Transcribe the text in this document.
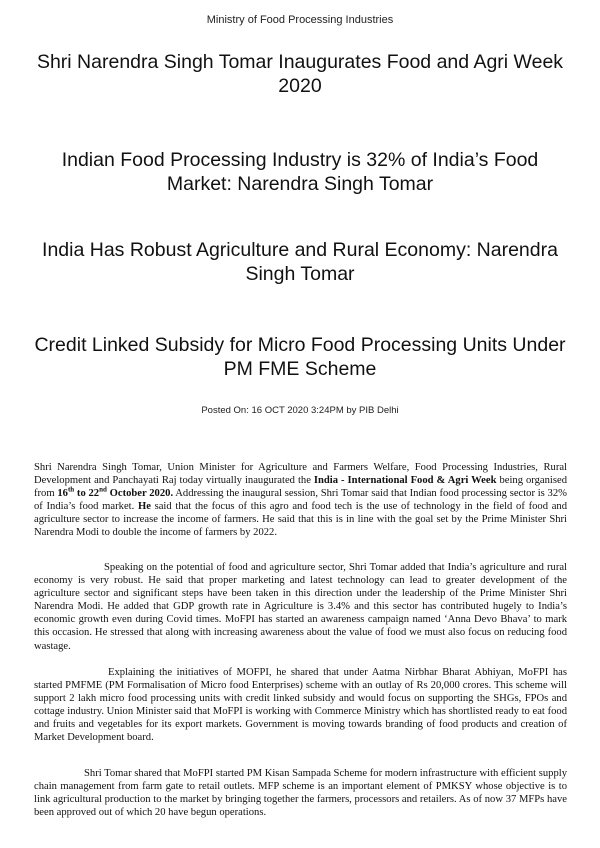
Ministry of Food Processing Industries
Shri Narendra Singh Tomar Inaugurates Food and Agri Week 2020
Indian Food Processing Industry is 32% of India’s Food Market: Narendra Singh Tomar
India Has Robust Agriculture and Rural Economy: Narendra Singh Tomar
Credit Linked Subsidy for Micro Food Processing Units Under PM FME Scheme
Posted On: 16 OCT 2020 3:24PM by PIB Delhi

Shri Narendra Singh Tomar, Union Minister for Agriculture and Farmers Welfare, Food Processing Industries, Rural Development and Panchayati Raj today virtually inaugurated the India - International Food & Agri Week being organised from 16th to 22nd October 2020. Addressing the inaugural session, Shri Tomar said that Indian food processing sector is 32% of India’s food market. He said that the focus of this agro and food tech is the use of technology in the field of food and agriculture sector to increase the income of farmers. He said that this is in line with the goal set by the Prime Minister Shri Narendra Modi to double the income of farmers by 2022.

Speaking on the potential of food and agriculture sector, Shri Tomar added that India’s agriculture and rural economy is very robust. He said that proper marketing and latest technology can lead to greater development of the agriculture sector and significant steps have been taken in this direction under the leadership of the Prime Minister Shri Narendra Modi. He added that GDP growth rate in Agriculture is 3.4% and this sector has contributed hugely to India’s economic growth even during Covid times. MoFPI has started an awareness campaign named ‘Anna Devo Bhava’ to mark this occasion. He stressed that along with increasing awareness about the value of food we must also focus on reducing food wastage.

Explaining the initiatives of MOFPI, he shared that under Aatma Nirbhar Bharat Abhiyan, MoFPI has started PMFME (PM Formalisation of Micro food Enterprises) scheme with an outlay of Rs 20,000 crores. This scheme will support 2 lakh micro food processing units with credit linked subsidy and would focus on supporting the SHGs, FPOs and cottage industry. Union Minister said that MoFPI is working with Commerce Ministry which has shortlisted ready to eat food and fruits and vegetables for its export markets. Government is moving towards branding of food products and creation of Market Development board.

Shri Tomar shared that MoFPI started PM Kisan Sampada Scheme for modern infrastructure with efficient supply chain management from farm gate to retail outlets. MFP scheme is an important element of PMKSY whose objective is to link agricultural production to the market by bringing together the farmers, processors and retailers. As of now 37 MFPs have been approved out of which 20 have begun operations.
